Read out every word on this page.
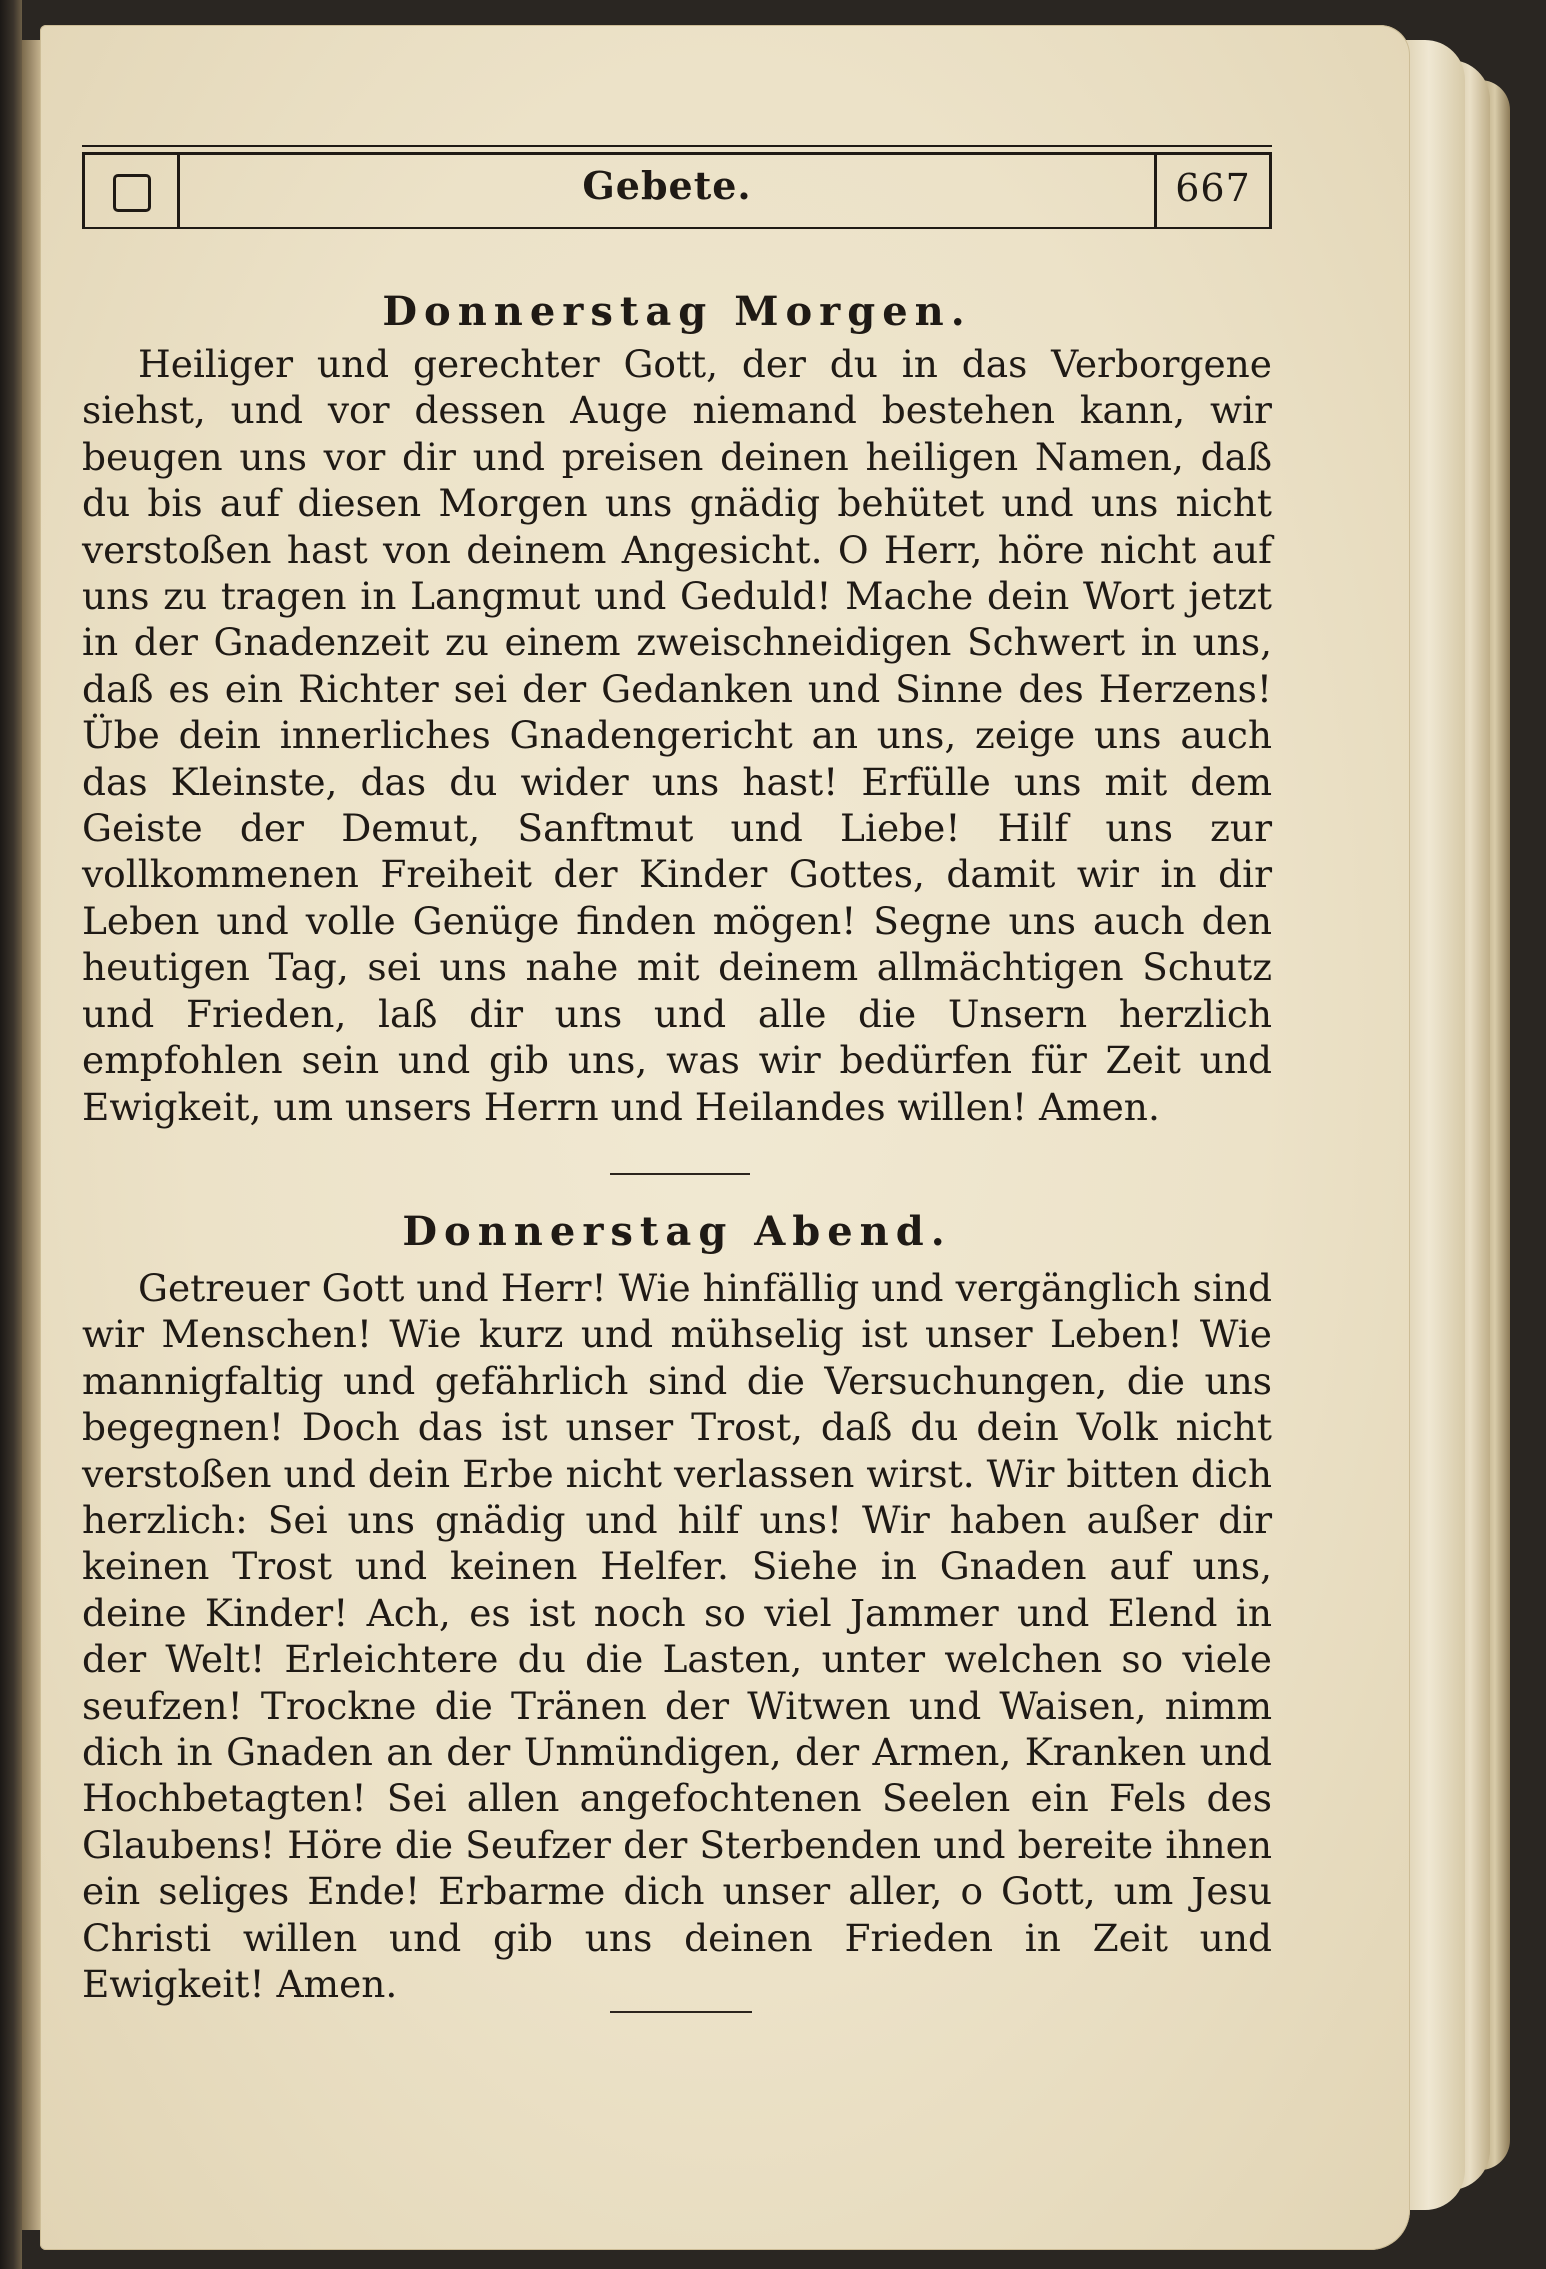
Gebete.	667
Donnerstag Morgen.
Heiliger und gerechter Gott, der du in das Verborgene siehst, und vor dessen Auge niemand bestehen kann, wir beugen uns vor dir und preisen deinen heiligen Namen, daß du bis auf diesen Morgen uns gnädig behütet und uns nicht verstoßen hast von deinem Angesicht. O Herr, höre nicht auf uns zu tragen in Langmut und Geduld! Mache dein Wort jetzt in der Gnadenzeit zu einem zweischneidigen Schwert in uns, daß es ein Richter sei der Gedanken und Sinne des Herzens! Übe dein innerliches Gnadengericht an uns, zeige uns auch das Kleinste, das du wider uns hast! Erfülle uns mit dem Geiste der Demut, Sanftmut und Liebe! Hilf uns zur vollkommenen Freiheit der Kinder Gottes, damit wir in dir Leben und volle Genüge finden mögen! Segne uns auch den heutigen Tag, sei uns nahe mit deinem allmächtigen Schutz und Frieden, laß dir uns und alle die Unsern herzlich empfohlen sein und gib uns, was wir bedürfen für Zeit und Ewigkeit, um unsers Herrn und Heilandes willen! Amen.
Donnerstag Abend.
Getreuer Gott und Herr! Wie hinfällig und vergänglich sind wir Menschen! Wie kurz und mühselig ist unser Leben! Wie mannigfaltig und gefährlich sind die Versuchungen, die uns begegnen! Doch das ist unser Trost, daß du dein Volk nicht verstoßen und dein Erbe nicht verlassen wirst. Wir bitten dich herzlich: Sei uns gnädig und hilf uns! Wir haben außer dir keinen Trost und keinen Helfer. Siehe in Gnaden auf uns, deine Kinder! Ach, es ist noch so viel Jammer und Elend in der Welt! Erleichtere du die Lasten, unter welchen so viele seufzen! Trockne die Tränen der Witwen und Waisen, nimm dich in Gnaden an der Unmündigen, der Armen, Kranken und Hochbetagten! Sei allen angefochtenen Seelen ein Fels des Glaubens! Höre die Seufzer der Sterbenden und bereite ihnen ein seliges Ende! Erbarme dich unser aller, o Gott, um Jesu Christi willen und gib uns deinen Frieden in Zeit und Ewigkeit! Amen.
